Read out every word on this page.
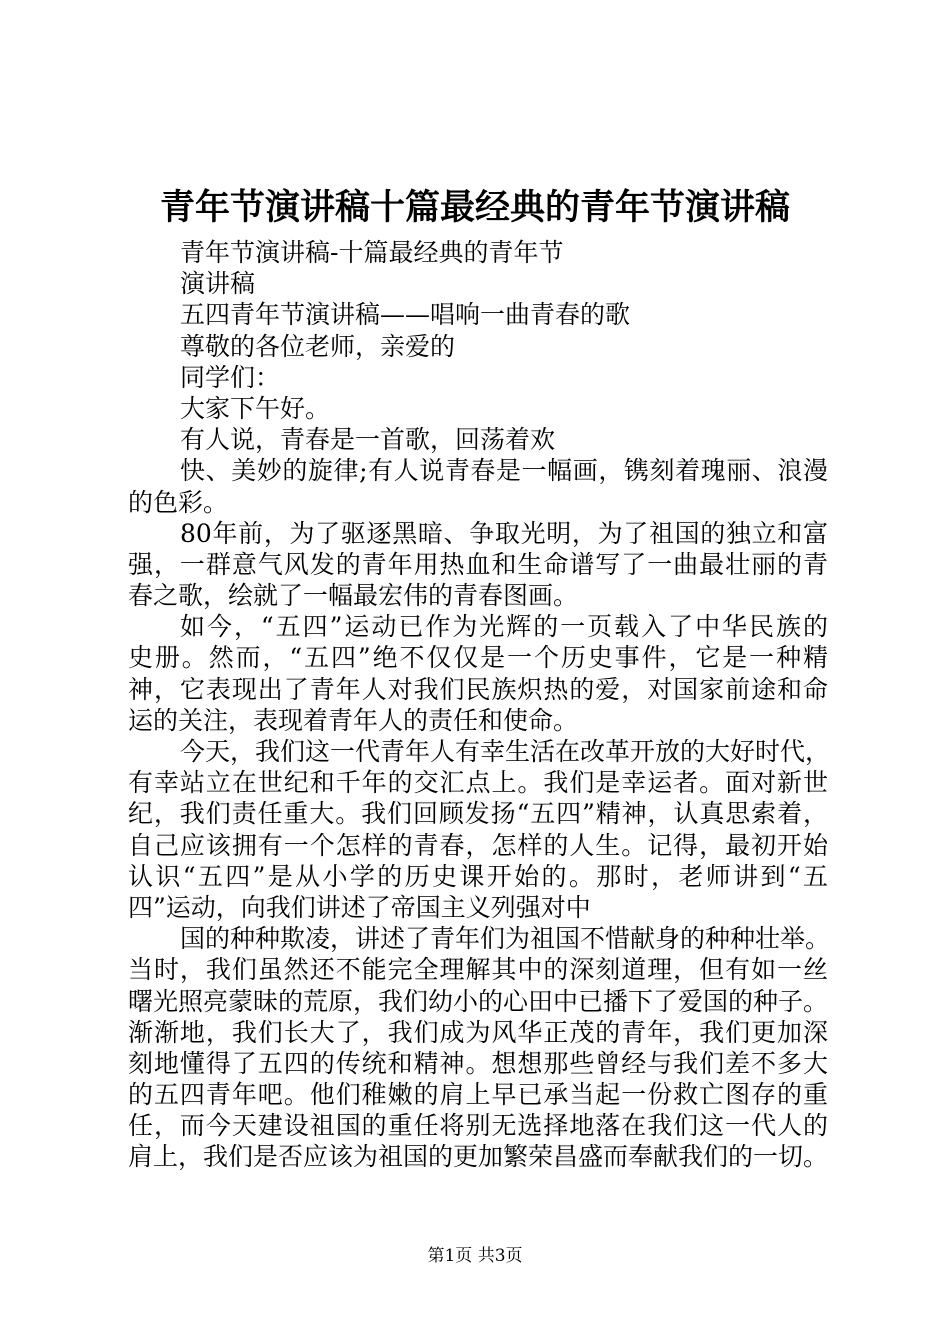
青年节演讲稿十篇最经典的青年节演讲稿
青年节演讲稿-十篇最经典的青年节
演讲稿
五四青年节演讲稿——唱响一曲青春的歌
尊敬的各位老师，亲爱的
同学们：
大家下午好。
有人说，青春是一首歌，回荡着欢
快、美妙的旋律;有人说青春是一幅画，镌刻着瑰丽、浪漫
的色彩。
80年前，为了驱逐黑暗、争取光明，为了祖国的独立和富
强，一群意气风发的青年用热血和生命谱写了一曲最壮丽的青
春之歌，绘就了一幅最宏伟的青春图画。
如今，“五四”运动已作为光辉的一页载入了中华民族的
史册。然而，“五四”绝不仅仅是一个历史事件，它是一种精
神，它表现出了青年人对我们民族炽热的爱，对国家前途和命
运的关注，表现着青年人的责任和使命。
今天，我们这一代青年人有幸生活在改革开放的大好时代，
有幸站立在世纪和千年的交汇点上。我们是幸运者。面对新世
纪，我们责任重大。我们回顾发扬“五四”精神，认真思索着，
自己应该拥有一个怎样的青春，怎样的人生。记得，最初开始
认识“五四”是从小学的历史课开始的。那时，老师讲到“五
四”运动，向我们讲述了帝国主义列强对中
国的种种欺凌，讲述了青年们为祖国不惜献身的种种壮举。
当时，我们虽然还不能完全理解其中的深刻道理，但有如一丝
曙光照亮蒙昧的荒原，我们幼小的心田中已播下了爱国的种子。
渐渐地，我们长大了，我们成为风华正茂的青年，我们更加深
刻地懂得了五四的传统和精神。想想那些曾经与我们差不多大
的五四青年吧。他们稚嫩的肩上早已承当起一份救亡图存的重
任，而今天建设祖国的重任将别无选择地落在我们这一代人的
肩上，我们是否应该为祖国的更加繁荣昌盛而奉献我们的一切。
第1页 共3页
